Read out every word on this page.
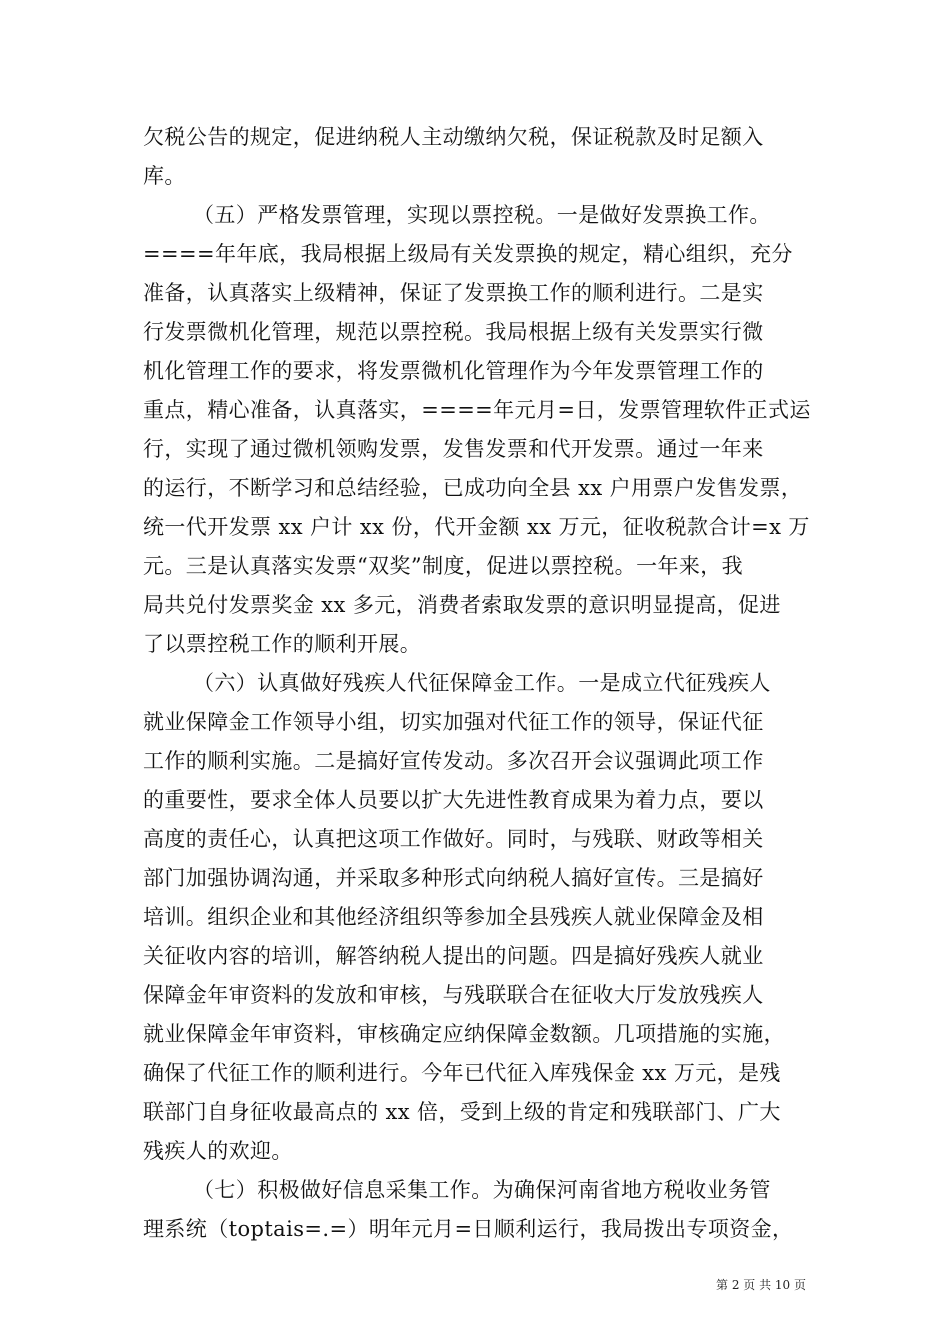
欠税公告的规定，促进纳税人主动缴纳欠税，保证税款及时足额入
库。
（五）严格发票管理，实现以票控税。一是做好发票换工作。
====年年底，我局根据上级局有关发票换的规定，精心组织，充分
准备，认真落实上级精神，保证了发票换工作的顺利进行。二是实
行发票微机化管理，规范以票控税。我局根据上级有关发票实行微
机化管理工作的要求，将发票微机化管理作为今年发票管理工作的
重点，精心准备，认真落实，====年元月=日，发票管理软件正式运
行，实现了通过微机领购发票，发售发票和代开发票。通过一年来
的运行，不断学习和总结经验，已成功向全县 xx 户用票户发售发票，
统一代开发票 xx 户计 xx 份，代开金额 xx 万元，征收税款合计=x 万
元。三是认真落实发票“双奖”制度，促进以票控税。一年来，我
局共兑付发票奖金 xx 多元，消费者索取发票的意识明显提高，促进
了以票控税工作的顺利开展。
（六）认真做好残疾人代征保障金工作。一是成立代征残疾人
就业保障金工作领导小组，切实加强对代征工作的领导，保证代征
工作的顺利实施。二是搞好宣传发动。多次召开会议强调此项工作
的重要性，要求全体人员要以扩大先进性教育成果为着力点，要以
高度的责任心，认真把这项工作做好。同时，与残联、财政等相关
部门加强协调沟通，并采取多种形式向纳税人搞好宣传。三是搞好
培训。组织企业和其他经济组织等参加全县残疾人就业保障金及相
关征收内容的培训，解答纳税人提出的问题。四是搞好残疾人就业
保障金年审资料的发放和审核，与残联联合在征收大厅发放残疾人
就业保障金年审资料，审核确定应纳保障金数额。几项措施的实施，
确保了代征工作的顺利进行。今年已代征入库残保金 xx 万元，是残
联部门自身征收最高点的 xx 倍，受到上级的肯定和残联部门、广大
残疾人的欢迎。
（七）积极做好信息采集工作。为确保河南省地方税收业务管
理系统（toptais=.=）明年元月=日顺利运行，我局拨出专项资金，
第 2 页 共 10 页
